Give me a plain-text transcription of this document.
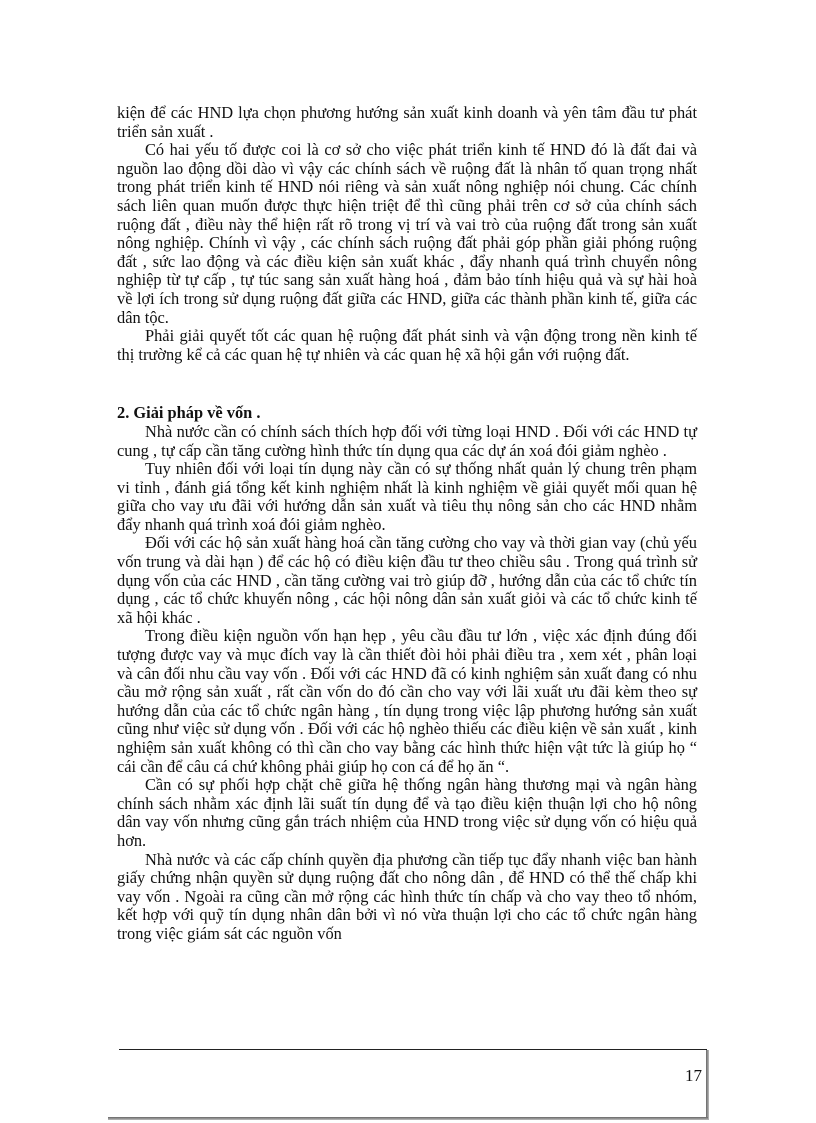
kiện để các HND lựa chọn phương hướng sản xuất kinh doanh và yên tâm đầu tư phát triển sản xuất .

Có hai yếu tố được coi là cơ sở cho việc phát triển kinh tế HND đó là đất đai và nguồn lao động dồi dào vì vậy các chính sách về ruộng đất là nhân tố quan trọng nhất trong phát triển kinh tế HND nói riêng và sản xuất nông nghiệp nói chung. Các chính sách liên quan muốn được thực hiện triệt để thì cũng phải trên cơ sở của chính sách ruộng đất , điều này thể hiện rất rõ trong vị trí và vai trò của ruộng đất trong sản xuất nông nghiệp. Chính vì vậy , các chính sách ruộng đất phải góp phần giải phóng ruộng đất , sức lao động và các điều kiện sản xuất khác , đẩy nhanh quá trình chuyển nông nghiệp từ tự cấp , tự túc sang sản xuất hàng hoá , đảm bảo tính hiệu quả và sự hài hoà về lợi ích trong sử dụng ruộng đất giữa các HND, giữa các thành phần kinh tế, giữa các dân tộc.

Phải giải quyết tốt các quan hệ ruộng đất phát sinh và vận động trong nền kinh tế thị trường kể cả các quan hệ tự nhiên và các quan hệ xã hội gắn với ruộng đất.

2. Giải pháp về vốn .

Nhà nước cần có chính sách thích hợp đối với từng loại HND . Đối với các HND tự cung , tự cấp cần tăng cường hình thức tín dụng qua các dự án xoá đói giảm nghèo .

Tuy nhiên đối với loại tín dụng này cần có sự thống nhất quản lý chung trên phạm vi tỉnh , đánh giá tổng kết kinh nghiệm nhất là kinh nghiệm về giải quyết mối quan hệ giữa cho vay ưu đãi với hướng dẫn sản xuất và tiêu thụ nông sản cho các HND nhằm đẩy nhanh quá trình xoá đói giảm nghèo.

Đối với các hộ sản xuất hàng hoá cần tăng cường cho vay và thời gian vay (chủ yếu vốn trung và dài hạn ) để các hộ có điều kiện đầu tư theo chiều sâu . Trong quá trình sử dụng vốn của các HND , cần tăng cường vai trò giúp đỡ , hướng dẫn của các tổ chức tín dụng , các tổ chức khuyến nông , các hội nông dân sản xuất giỏi và các tổ chức kinh tế xã hội khác .

Trong điều kiện nguồn vốn hạn hẹp , yêu cầu đầu tư lớn , việc xác định đúng đối tượng được vay và mục đích vay là cần thiết đòi hỏi phải điều tra , xem xét , phân loại và cân đối nhu cầu vay vốn . Đối với các HND đã có kinh nghiệm sản xuất đang có nhu cầu mở rộng sản xuất , rất cần vốn do đó cần cho vay với lãi xuất ưu đãi kèm theo sự hướng dẫn của các tổ chức ngân hàng , tín dụng trong việc lập phương hướng sản xuất cũng như việc sử dụng vốn . Đối với các hộ nghèo thiếu các điều kiện về sản xuất , kinh nghiệm sản xuất không có thì cần cho vay bằng các hình thức hiện vật tức là giúp họ “ cái cần để câu cá chứ không phải giúp họ con cá để họ ăn “.

Cần có sự phối hợp chặt chẽ giữa hệ thống ngân hàng thương mại và ngân hàng chính sách nhằm xác định lãi suất tín dụng để và tạo điều kiện thuận lợi cho hộ nông dân vay vốn nhưng cũng gắn trách nhiệm của HND trong việc sử dụng vốn có hiệu quả hơn.

Nhà nước và các cấp chính quyền địa phương cần tiếp tục đẩy nhanh việc ban hành giấy chứng nhận quyền sử dụng ruộng đất cho nông dân , để HND có thể thế chấp khi vay vốn . Ngoài ra cũng cần mở rộng các hình thức tín chấp và cho vay theo tổ nhóm, kết hợp với quỹ tín dụng nhân dân bởi vì nó vừa thuận lợi cho các tổ chức ngân hàng trong việc giám sát các nguồn vốn

17
